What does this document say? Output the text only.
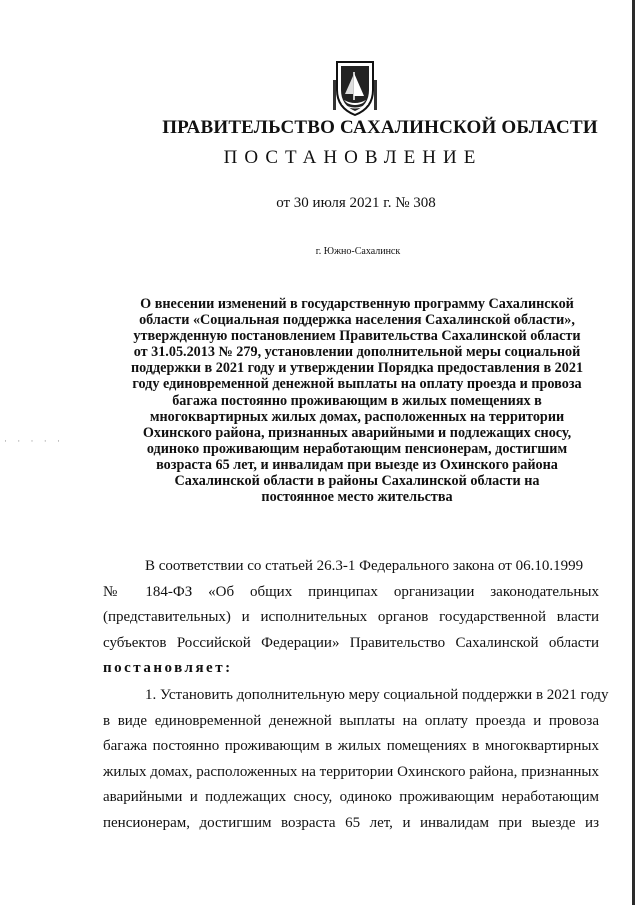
ПРАВИТЕЛЬСТВО САХАЛИНСКОЙ ОБЛАСТИ
ПОСТАНОВЛЕНИЕ
от 30 июля 2021 г. № 308
г. Южно-Сахалинск
· · · · ·
О внесении изменений в государственную программу Сахалинской
области «Социальная поддержка населения Сахалинской области»,
утвержденную постановлением Правительства Сахалинской области
от 31.05.2013 № 279, установлении дополнительной меры социальной
поддержки в 2021 году и утверждении Порядка предоставления в 2021
году единовременной денежной выплаты на оплату проезда и провоза
багажа постоянно проживающим в жилых помещениях в
многоквартирных жилых домах, расположенных на территории
Охинского района, признанных аварийными и подлежащих сносу,
одиноко проживающим неработающим пенсионерам, достигшим
возраста 65 лет, и инвалидам при выезде из Охинского района
Сахалинской области в районы Сахалинской области на
постоянное место жительства
В соответствии со статьей 26.3-1 Федерального закона от 06.10.1999
№ 184-ФЗ «Об общих принципах организации законодательных
(представительных) и исполнительных органов государственной власти
субъектов Российской Федерации» Правительство Сахалинской области
постановляет:
1. Установить дополнительную меру социальной поддержки в 2021 году
в виде единовременной денежной выплаты на оплату проезда и провоза
багажа постоянно проживающим в жилых помещениях в многоквартирных
жилых домах, расположенных на территории Охинского района, признанных
аварийными и подлежащих сносу, одиноко проживающим неработающим
пенсионерам, достигшим возраста 65 лет, и инвалидам при выезде из
